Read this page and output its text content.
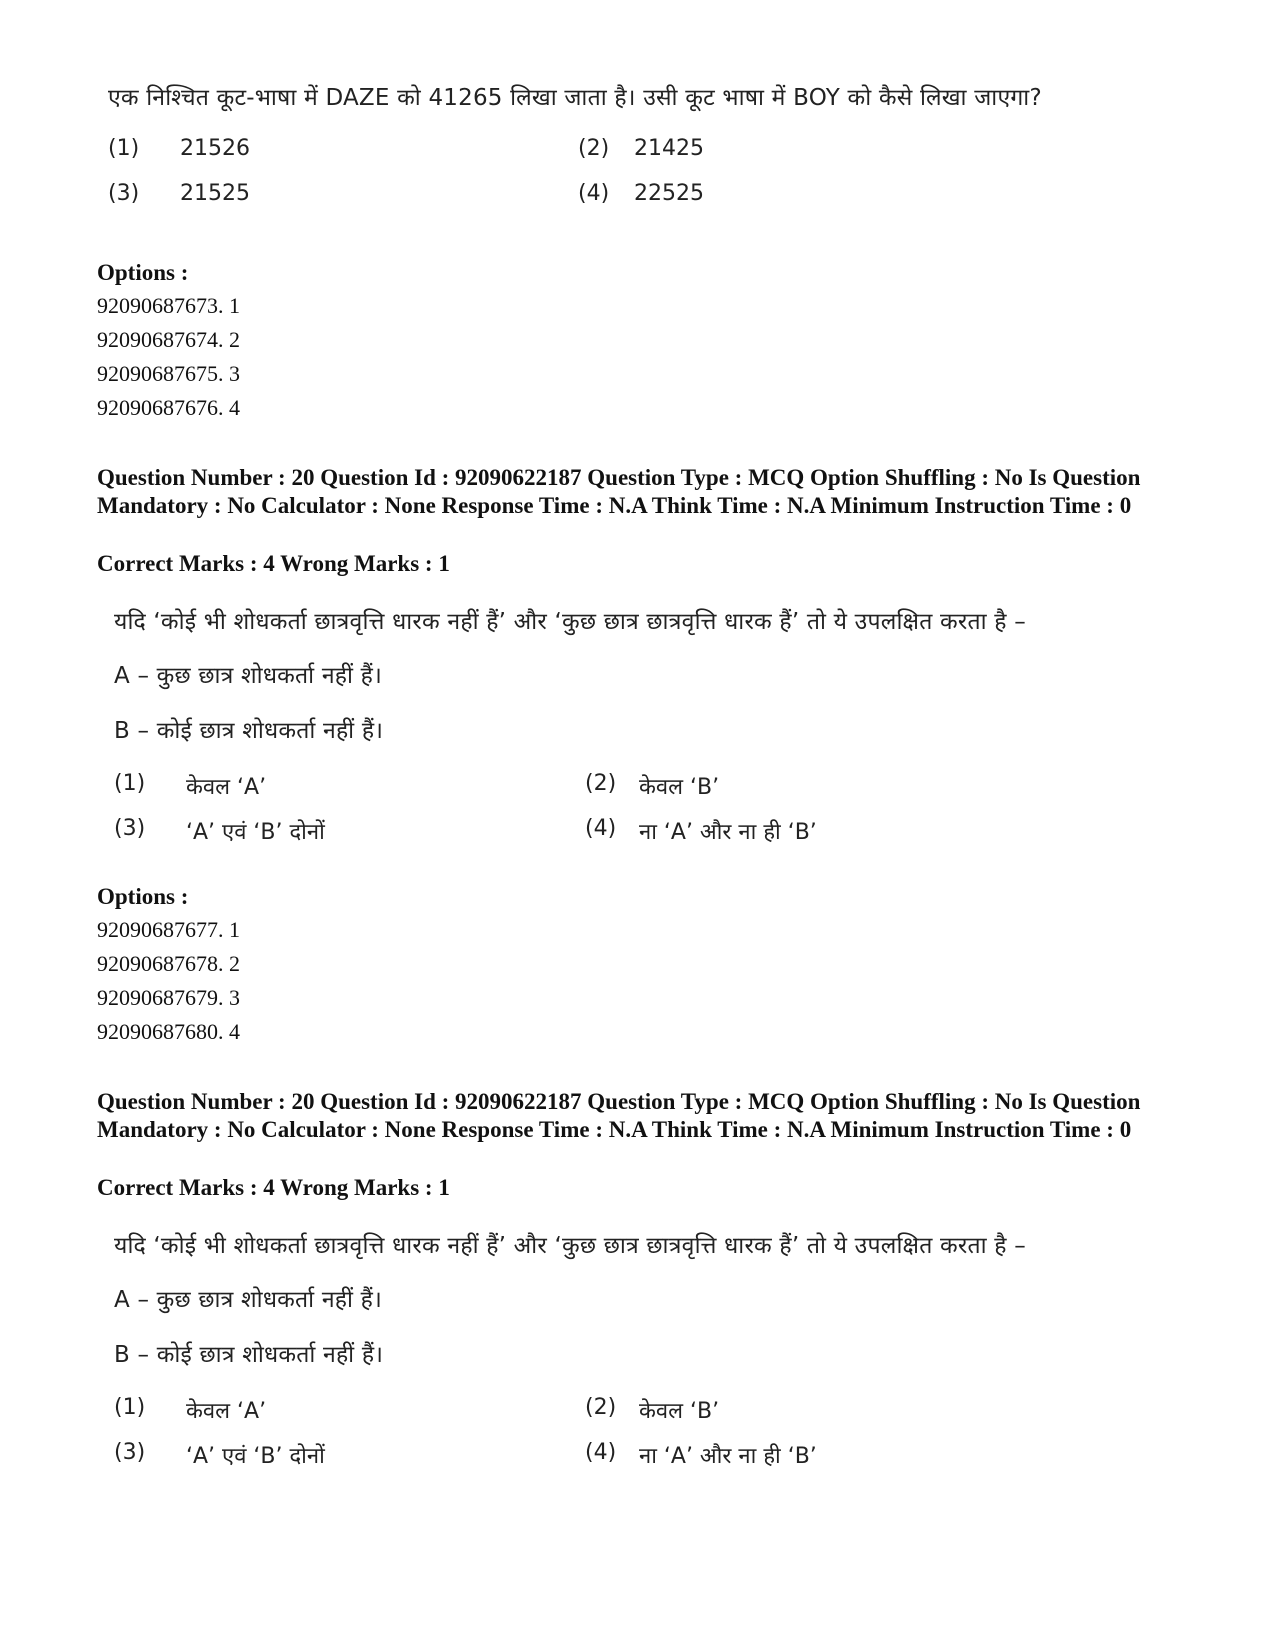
एक निश्चित कूट-भाषा में DAZE को 41265 लिखा जाता है। उसी कूट भाषा में BOY को कैसे लिखा जाएगा?
(1) 21526	(2) 21425
(3) 21525	(4) 22525
Options :
92090687673. 1
92090687674. 2
92090687675. 3
92090687676. 4
Question Number : 20 Question Id : 92090622187 Question Type : MCQ Option Shuffling : No Is Question Mandatory : No Calculator : None Response Time : N.A Think Time : N.A Minimum Instruction Time : 0
Correct Marks : 4 Wrong Marks : 1
यदि ‘कोई भी शोधकर्ता छात्रवृत्ति धारक नहीं हैं’ और ‘कुछ छात्र छात्रवृत्ति धारक हैं’ तो ये उपलक्षित करता है –
A – कुछ छात्र शोधकर्ता नहीं हैं।
B – कोई छात्र शोधकर्ता नहीं हैं।
(1) केवल ‘A’	(2) केवल ‘B’
(3) ‘A’ एवं ‘B’ दोनों	(4) ना ‘A’ और ना ही ‘B’
Options :
92090687677. 1
92090687678. 2
92090687679. 3
92090687680. 4
Question Number : 20 Question Id : 92090622187 Question Type : MCQ Option Shuffling : No Is Question Mandatory : No Calculator : None Response Time : N.A Think Time : N.A Minimum Instruction Time : 0
Correct Marks : 4 Wrong Marks : 1
यदि ‘कोई भी शोधकर्ता छात्रवृत्ति धारक नहीं हैं’ और ‘कुछ छात्र छात्रवृत्ति धारक हैं’ तो ये उपलक्षित करता है –
A – कुछ छात्र शोधकर्ता नहीं हैं।
B – कोई छात्र शोधकर्ता नहीं हैं।
(1) केवल ‘A’	(2) केवल ‘B’
(3) ‘A’ एवं ‘B’ दोनों	(4) ना ‘A’ और ना ही ‘B’
